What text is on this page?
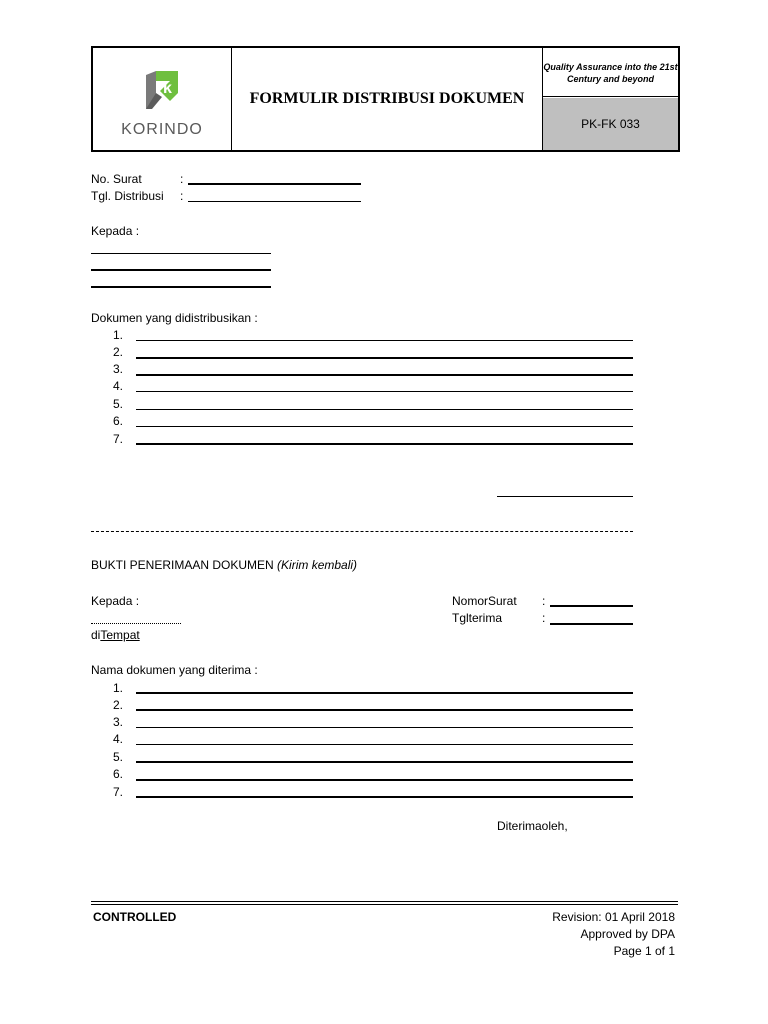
k
KORINDO
FORMULIR DISTRIBUSI DOKUMEN
Quality Assurance into the 21st Century and beyond
PK-FK 033
No. Surat	:
Tgl. Distribusi :
Kepada :
Dokumen yang didistribusikan :
1.
2.
3.
4.
5.
6.
7.
BUKTI PENERIMAAN DOKUMEN (Kirim kembali)
Kepada :
diTempat
NomorSurat :
Tglterima	:
Nama dokumen yang diterima :
1.
2.
3.
4.
5.
6.
7.
Diterimaoleh,
CONTROLLED	Revision: 01 April 2018
Approved by DPA
Page 1 of 1
